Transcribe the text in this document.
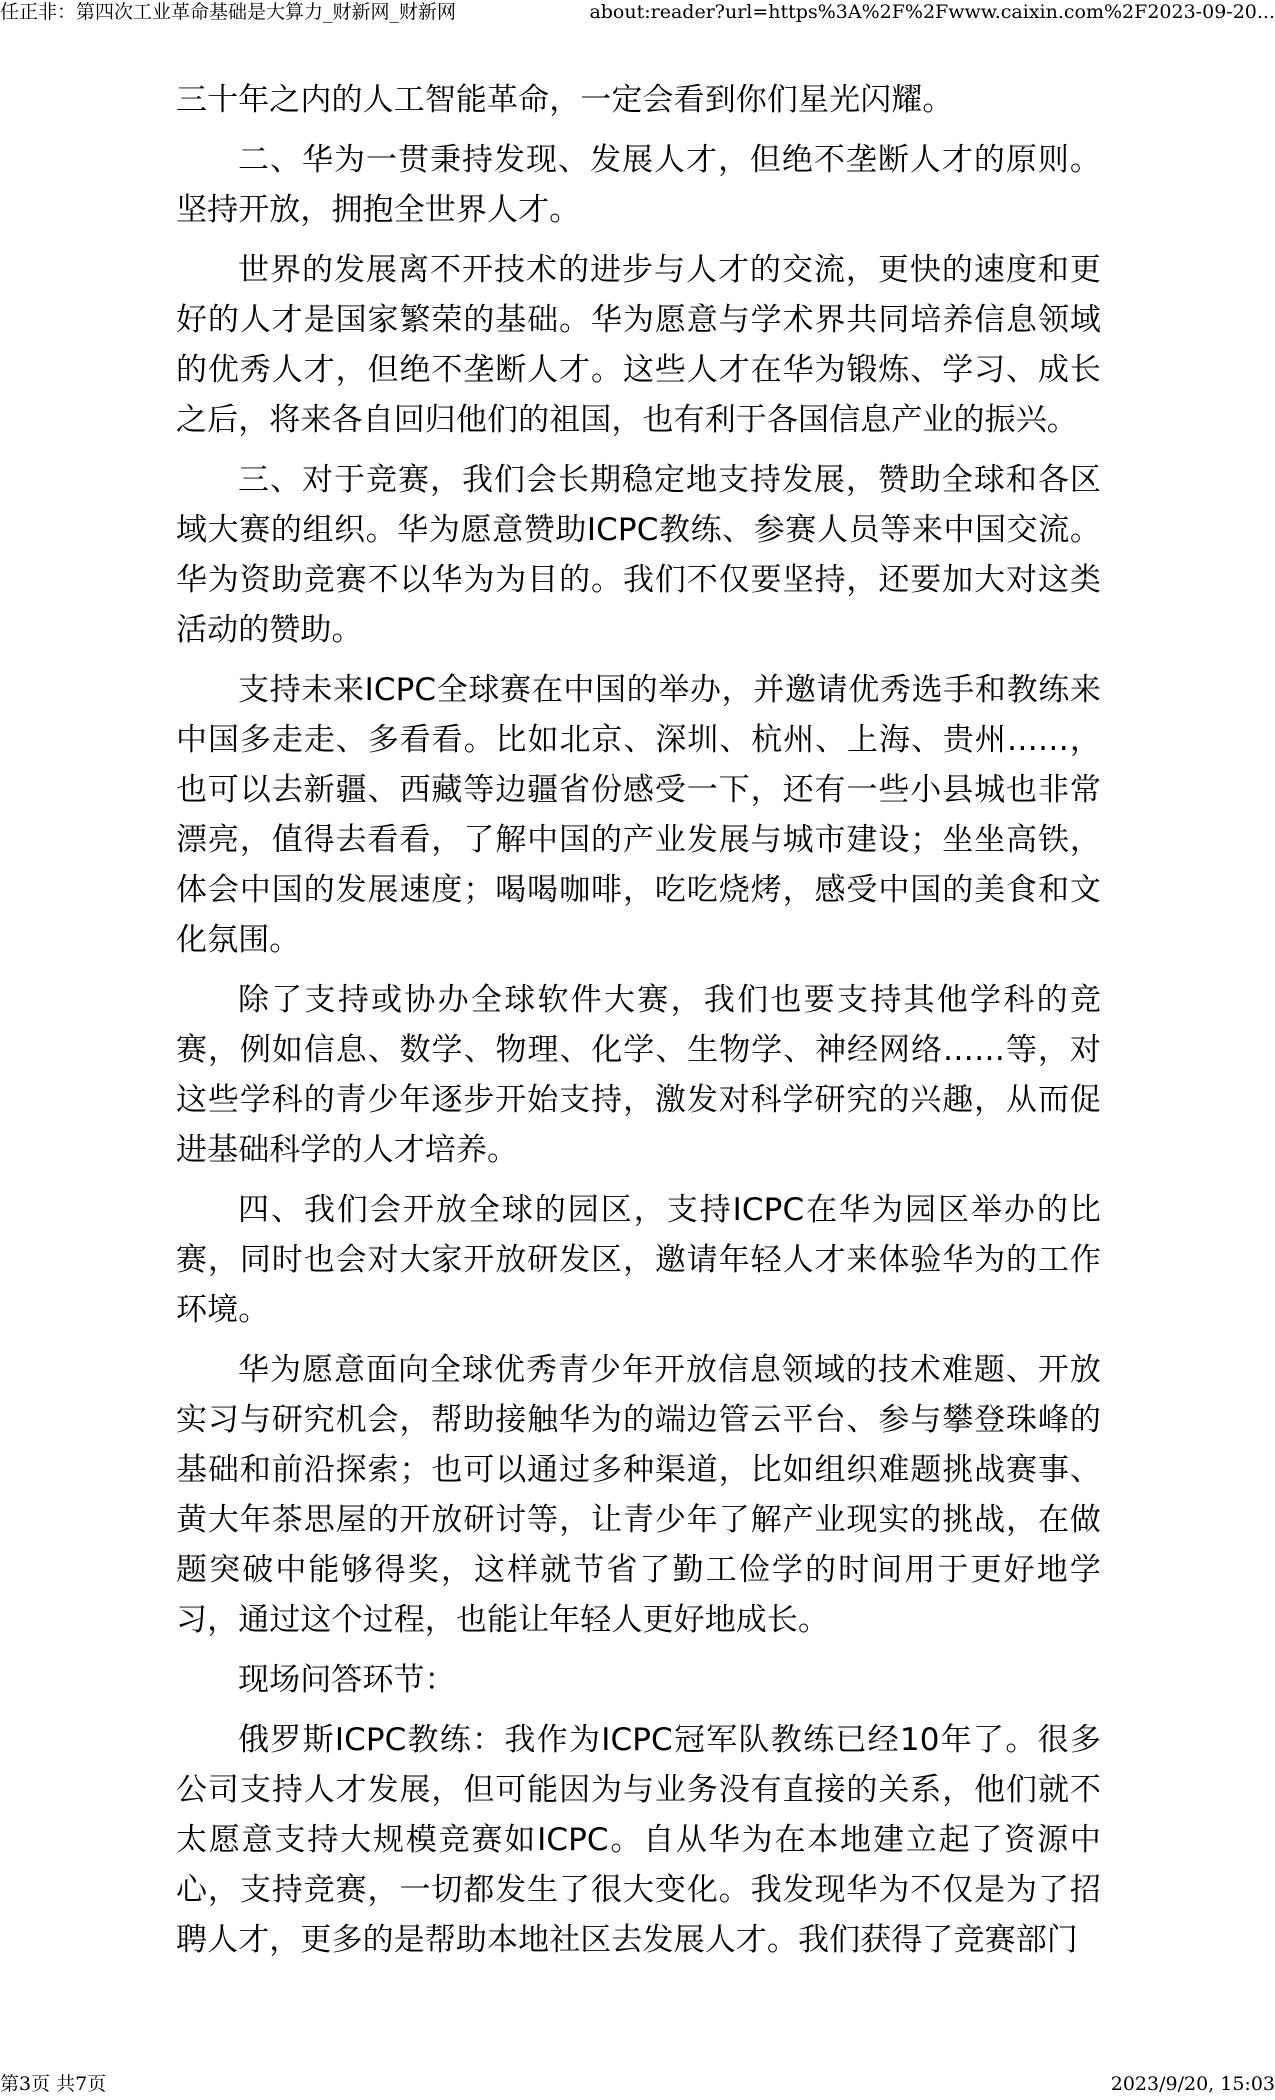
任正非：第四次工业革命基础是大算力_财新网_财新网	about:reader?url=https%3A%2F%2Fwww.caixin.com%2F2023-09-20...

三十年之内的人工智能革命，一定会看到你们星光闪耀。

二、华为一贯秉持发现、发展人才，但绝不垄断人才的原则。坚持开放，拥抱全世界人才。

世界的发展离不开技术的进步与人才的交流，更快的速度和更好的人才是国家繁荣的基础。华为愿意与学术界共同培养信息领域的优秀人才，但绝不垄断人才。这些人才在华为锻炼、学习、成长之后，将来各自回归他们的祖国，也有利于各国信息产业的振兴。

三、对于竞赛，我们会长期稳定地支持发展，赞助全球和各区域大赛的组织。华为愿意赞助ICPC教练、参赛人员等来中国交流。华为资助竞赛不以华为为目的。我们不仅要坚持，还要加大对这类活动的赞助。

支持未来ICPC全球赛在中国的举办，并邀请优秀选手和教练来中国多走走、多看看。比如北京、深圳、杭州、上海、贵州……，也可以去新疆、西藏等边疆省份感受一下，还有一些小县城也非常漂亮，值得去看看，了解中国的产业发展与城市建设；坐坐高铁，体会中国的发展速度；喝喝咖啡，吃吃烧烤，感受中国的美食和文化氛围。

除了支持或协办全球软件大赛，我们也要支持其他学科的竞赛，例如信息、数学、物理、化学、生物学、神经网络……等，对这些学科的青少年逐步开始支持，激发对科学研究的兴趣，从而促进基础科学的人才培养。

四、我们会开放全球的园区，支持ICPC在华为园区举办的比赛，同时也会对大家开放研发区，邀请年轻人才来体验华为的工作环境。

华为愿意面向全球优秀青少年开放信息领域的技术难题、开放实习与研究机会，帮助接触华为的端边管云平台、参与攀登珠峰的基础和前沿探索；也可以通过多种渠道，比如组织难题挑战赛事、黄大年茶思屋的开放研讨等，让青少年了解产业现实的挑战，在做题突破中能够得奖，这样就节省了勤工俭学的时间用于更好地学习，通过这个过程，也能让年轻人更好地成长。

现场问答环节：

俄罗斯ICPC教练：我作为ICPC冠军队教练已经10年了。很多公司支持人才发展，但可能因为与业务没有直接的关系，他们就不太愿意支持大规模竞赛如ICPC。自从华为在本地建立起了资源中心，支持竞赛，一切都发生了很大变化。我发现华为不仅是为了招聘人才，更多的是帮助本地社区去发展人才。我们获得了竞赛部门

第3页 共7页	2023/9/20, 15:03
